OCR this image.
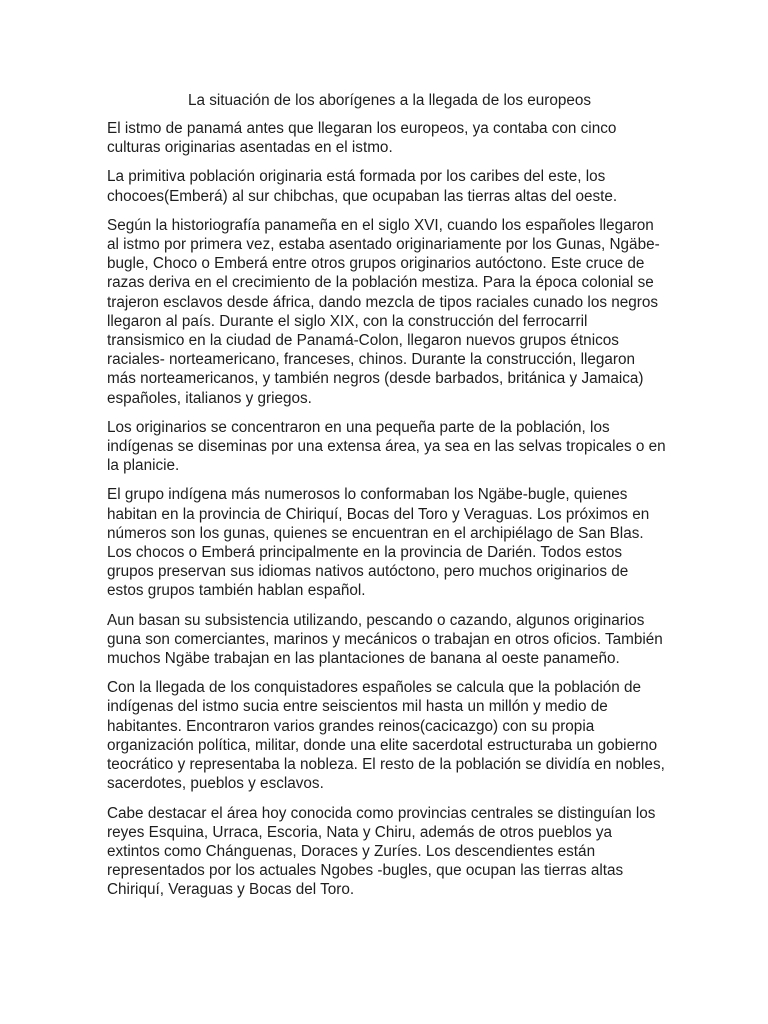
La situación de los aborígenes a la llegada de los europeos

El istmo de panamá antes que llegaran los europeos, ya contaba con cinco culturas originarias asentadas en el istmo.

La primitiva población originaria está formada por los caribes del este, los chocoes(Emberá) al sur chibchas, que ocupaban las tierras altas del oeste.

Según la historiografía panameña en el siglo XVI, cuando los españoles llegaron al istmo por primera vez, estaba asentado originariamente por los Gunas, Ngäbe-bugle, Choco o Emberá entre otros grupos originarios autóctono. Este cruce de razas deriva en el crecimiento de la población mestiza. Para la época colonial se trajeron esclavos desde áfrica, dando mezcla de tipos raciales cunado los negros llegaron al país. Durante el siglo XIX, con la construcción del ferrocarril transismico en la ciudad de Panamá-Colon, llegaron nuevos grupos étnicos raciales- norteamericano, franceses, chinos. Durante la construcción, llegaron más norteamericanos, y también negros (desde barbados, británica y Jamaica) españoles, italianos y griegos.

Los originarios se concentraron en una pequeña parte de la población, los indígenas se diseminas por una extensa área, ya sea en las selvas tropicales o en la planicie.

El grupo indígena más numerosos lo conformaban los Ngäbe-bugle, quienes habitan en la provincia de Chiriquí, Bocas del Toro y Veraguas. Los próximos en números son los gunas, quienes se encuentran en el archipiélago de San Blas. Los chocos o Emberá principalmente en la provincia de Darién. Todos estos grupos preservan sus idiomas nativos autóctono, pero muchos originarios de estos grupos también hablan español.

Aun basan su subsistencia utilizando, pescando o cazando, algunos originarios guna son comerciantes, marinos y mecánicos o trabajan en otros oficios. También muchos Ngäbe trabajan en las plantaciones de banana al oeste panameño.

Con la llegada de los conquistadores españoles se calcula que la población de indígenas del istmo sucia entre seiscientos mil hasta un millón y medio de habitantes. Encontraron varios grandes reinos(cacicazgo) con su propia organización política, militar, donde una elite sacerdotal estructuraba un gobierno teocrático y representaba la nobleza. El resto de la población se dividía en nobles, sacerdotes, pueblos y esclavos.

Cabe destacar el área hoy conocida como provincias centrales se distinguían los reyes Esquina, Urraca, Escoria, Nata y Chiru, además de otros pueblos ya extintos como Chánguenas, Doraces y Zuríes. Los descendientes están representados por los actuales Ngobes -bugles, que ocupan las tierras altas Chiriquí, Veraguas y Bocas del Toro.
